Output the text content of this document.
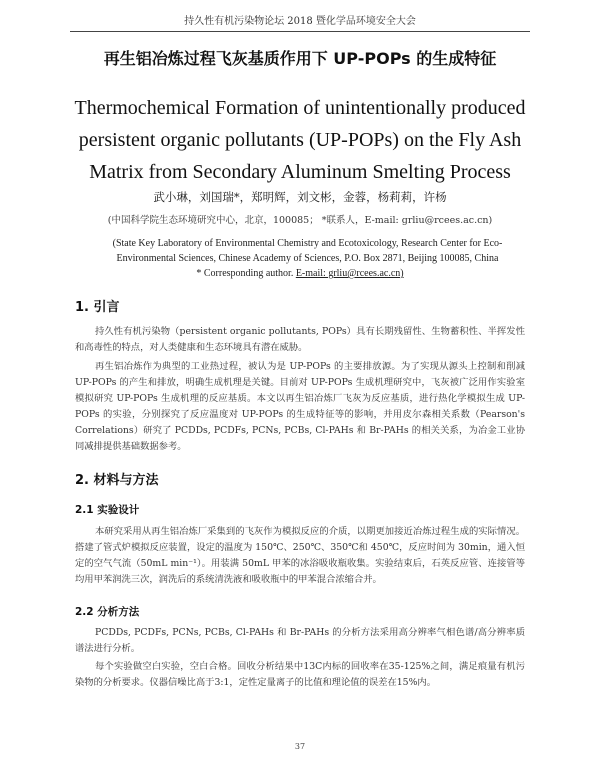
持久性有机污染物论坛 2018 暨化学品环境安全大会
再生铝冶炼过程飞灰基质作用下 UP-POPs 的生成特征
Thermochemical Formation of unintentionally produced
persistent organic pollutants (UP-POPs) on the Fly Ash
Matrix from Secondary Aluminum Smelting Process
武小琳，刘国瑞*，郑明辉，刘文彬，金蓉，杨莉莉，许杨
(中国科学院生态环境研究中心，北京，100085； *联系人，E-mail: grliu@rcees.ac.cn)
(State Key Laboratory of Environmental Chemistry and Ecotoxicology, Research Center for Eco-
Environmental Sciences, Chinese Academy of Sciences, P.O. Box 2871, Beijing 100085, China
* Corresponding author. E-mail: grliu@rcees.ac.cn)
1. 引言
持久性有机污染物（persistent organic pollutants, POPs）具有长期残留性、生物蓄积性、半挥发性和高毒性的特点，对人类健康和生态环境具有潜在威胁。
再生铝冶炼作为典型的工业热过程，被认为是 UP-POPs 的主要排放源。为了实现从源头上控制和削减 UP-POPs 的产生和排放，明确生成机理是关键。目前对 UP-POPs 生成机理研究中，飞灰被广泛用作实验室模拟研究 UP-POPs 生成机理的反应基质。本文以再生铝冶炼厂飞灰为反应基质，进行热化学模拟生成 UP-POPs 的实验，分别探究了反应温度对 UP-POPs 的生成特征等的影响，并用皮尔森相关系数（Pearson's Correlations）研究了 PCDDs, PCDFs, PCNs, PCBs, Cl-PAHs 和 Br-PAHs 的相关关系，为冶金工业协同减排提供基础数据参考。
2. 材料与方法
2.1 实验设计
本研究采用从再生铝冶炼厂采集到的飞灰作为模拟反应的介质，以期更加接近冶炼过程生成的实际情况。搭建了管式炉模拟反应装置，设定的温度为 150℃、250℃、350℃和 450℃，反应时间为 30min，通入恒定的空气气流（50mL min⁻¹）。用装满 50mL 甲苯的冰浴吸收瓶收集。实验结束后，石英反应管、连接管等均用甲苯润洗三次，润洗后的系统清洗液和吸收瓶中的甲苯混合浓缩合并。
2.2 分析方法
PCDDs, PCDFs, PCNs, PCBs, Cl-PAHs 和 Br-PAHs 的分析方法采用高分辨率气相色谱/高分辨率质谱法进行分析。
每个实验做空白实验，空白合格。回收分析结果中13C内标的回收率在35-125%之间，满足痕量有机污染物的分析要求。仪器信噪比高于3:1，定性定量离子的比值和理论值的误差在15%内。
37
